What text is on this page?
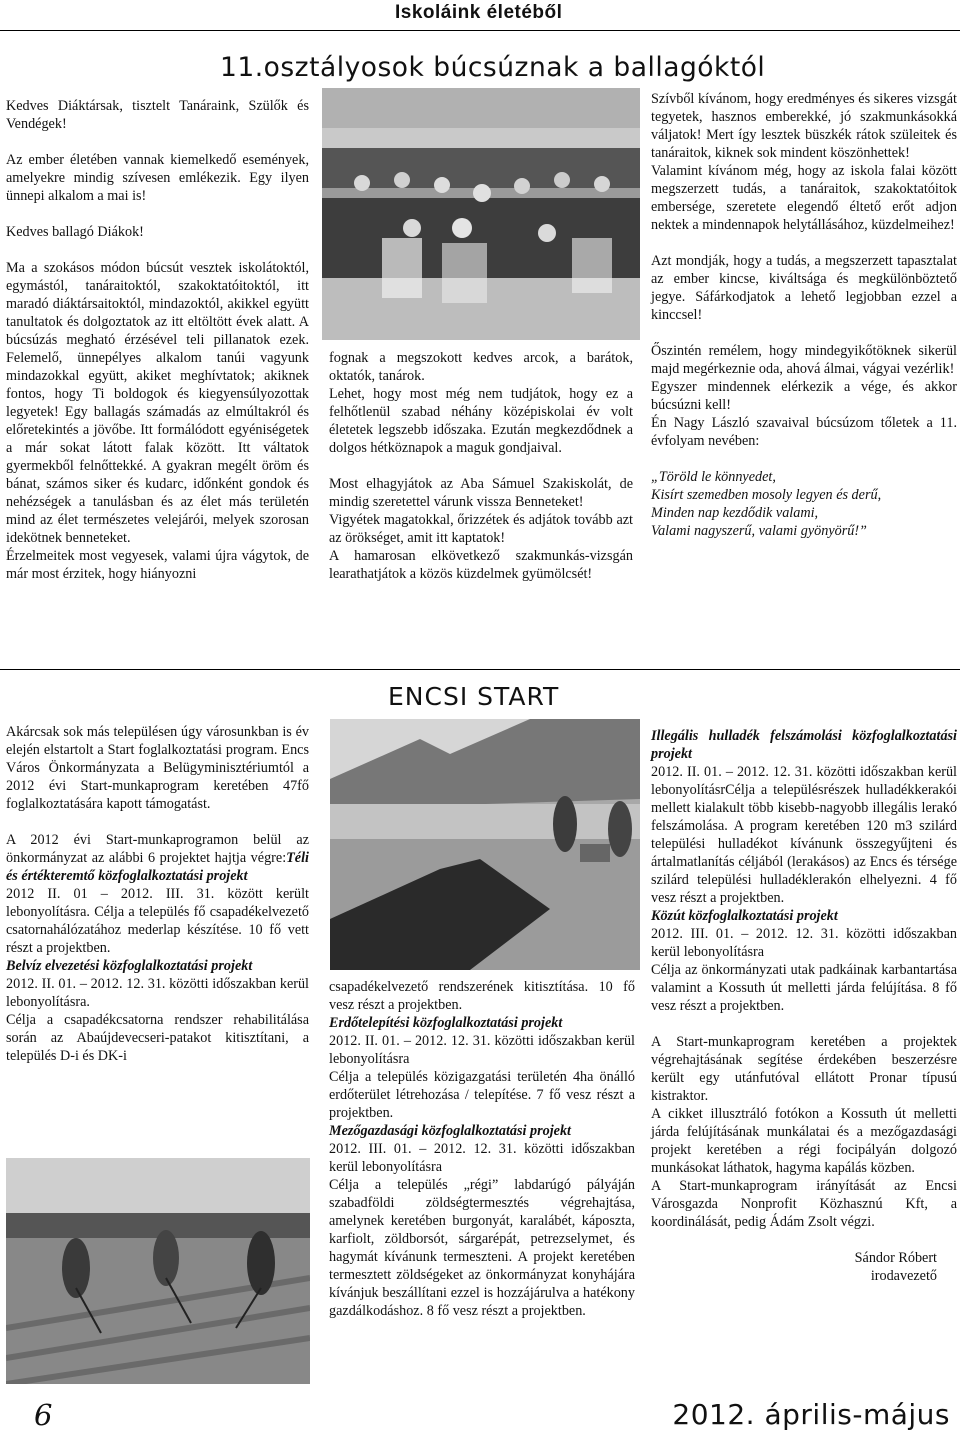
Iskoláink életéből
11.osztályosok búcsúznak a ballagóktól

Kedves Diáktársak, tisztelt Tanáraink, Szülők és Vendégek!

Az ember életében vannak kiemelkedő események, amelyekre mindig szívesen emlékezik. Egy ilyen ünnepi alkalom a mai is!

Kedves ballagó Diákok!

Ma a szokásos módon búcsút vesztek iskolátoktól, egymástól, tanáraitoktól, szakoktatóitoktól, itt maradó diáktársaitoktól, mindazoktól, akikkel együtt tanultatok és dolgoztatok az itt eltöltött évek alatt. A búcsúzás megható érzésével teli pillanatok ezek. Felemelő, ünnepélyes alkalom tanúi vagyunk mindazokkal együtt, akiket meghívtatok; akiknek fontos, hogy Ti boldogok és kiegyensúlyozottak legyetek! Egy ballagás számadás az elmúltakról és előretekintés a jövőbe. Itt formálódott egyéniségetek a már sokat látott falak között. Itt váltatok gyermekből felnőttekké. A gyakran megélt öröm és bánat, számos siker és kudarc, időnként gondok és nehézségek a tanulásban és az élet más területén mind az élet természetes velejárói, melyek szorosan idekötnek benneteket.

Érzelmeitek most vegyesek, valami újra vágytok, de már most érzitek, hogy hiányozni

fognak a megszokott kedves arcok, a barátok, oktatók, tanárok.

Lehet, hogy most még nem tudjátok, hogy ez a felhőtlenül szabad néhány középiskolai év volt életetek legszebb időszaka. Ezután megkezdődnek a dolgos hétköznapok a maguk gondjaival.

Most elhagyjátok az Aba Sámuel Szakiskolát, de mindig szeretettel várunk vissza Benneteket!

Vigyétek magatokkal, őrizzétek és adjátok tovább azt az örökséget, amit itt kaptatok!

A hamarosan elkövetkező szakmunkás-vizsgán learathatjátok a közös küzdelmek gyümölcsét!

Szívből kívánom, hogy eredményes és sikeres vizsgát tegyetek, hasznos emberekké, jó szakmunkásokká váljatok! Mert így lesztek büszkék rátok szüleitek és tanáraitok, kiknek sok mindent köszönhettek!

Valamint kívánom még, hogy az iskola falai között megszerzett tudás, a tanáraitok, szakoktatóitok embersége, szeretete elegendő éltető erőt adjon nektek a mindennapok helytállásához, küzdelmeihez!

Azt mondják, hogy a tudás, a megszerzett tapasztalat az ember kincse, kiváltsága és megkülönböztető jegye. Sáfárkodjatok a lehető legjobban ezzel a kinccsel!

Őszintén remélem, hogy mindegyikőtöknek sikerül majd megérkeznie oda, ahová álmai, vágyai vezérlik!

Egyszer mindennek elérkezik a vége, és akkor búcsúzni kell!

Én Nagy László szavaival búcsúzom tőletek a 11. évfolyam nevében:

„Töröld le könnyedet,

Kisírt szemedben mosoly legyen és derű,

Minden nap kezdődik valami,

Valami nagyszerű, valami gyönyörű!”

ENCSI START

Akárcsak sok más településen úgy városunkban is év elején elstartolt a Start foglalkoztatási program. Encs Város Önkormányzata a Belügyminisztériumtól a 2012 évi Start-munkaprogram keretében 47fő foglalkoztatására kapott támogatást.

A 2012 évi Start-munkaprogramon belül az önkormányzat az alábbi 6 projektet hajtja végre:Téli és értékteremtő közfoglalkoztatási projekt

2012 II. 01 – 2012. III. 31. között került lebonyolításra. Célja a település fő csapadékelvezető csatornahálózatához mederlap készítése. 10 fő vett részt a projektben.

Belvíz elvezetési közfoglalkoztatási projekt

2012. II. 01. – 2012. 12. 31. közötti időszakban kerül lebonyolításra.

Célja a csapadékcsatorna rendszer rehabilitálása során az Abaújdevecseri-patakot kitisztítani, a település D-i és DK-i

csapadékelvezető rendszerének kitisztítása. 10 fő vesz részt a projektben.

Erdőtelepítési közfoglalkoztatási projekt

2012. II. 01. – 2012. 12. 31. közötti időszakban kerül lebonyolításra

Célja a település közigazgatási területén 4ha önálló erdőterület létrehozása / telepítése. 7 fő vesz részt a projektben.

Mezőgazdasági közfoglalkoztatási projekt

2012. III. 01. – 2012. 12. 31. közötti időszakban kerül lebonyolításra

Célja a település „régi” labdarúgó pályáján szabadföldi zöldségtermesztés végrehajtása, amelynek keretében burgonyát, karalábét, káposzta, karfiolt, zöldborsót, sárgarépát, petrezselymet, és hagymát kívánunk termeszteni. A projekt keretében termesztett zöldségeket az önkormányzat konyhájára kívánjuk beszállítani ezzel is hozzájárulva a hatékony gazdálkodáshoz. 8 fő vesz részt a projektben.

Illegális hulladék felszámolási közfoglalkoztatási projekt

2012. II. 01. – 2012. 12. 31. közötti időszakban kerül lebonyolításrCélja a településrészek hulladékkerakói mellett kialakult több kisebb-nagyobb illegális lerakó felszámolása. A program keretében 120 m3 szilárd települési hulladékot kívánunk összegyűjteni és ártalmatlanítás céljából (lerakásos) az Encs és térsége szilárd települési hulladéklerakón elhelyezni. 4 fő vesz részt a projektben.

Közút közfoglalkoztatási projekt

2012. III. 01. – 2012. 12. 31. közötti időszakban kerül lebonyolításra

Célja az önkormányzati utak padkáinak karbantartása valamint a Kossuth út melletti járda felújítása. 8 fő vesz részt a projektben.

A Start-munkaprogram keretében a projektek végrehajtásának segítése érdekében beszerzésre került egy utánfutóval ellátott Pronar típusú kistraktor.

A cikket illusztráló fotókon a Kossuth út melletti járda felújításának munkálatai és a mezőgazdasági projekt keretében a régi focipályán dolgozó munkásokat láthatok, hagyma kapálás közben.

A Start-munkaprogram irányítását az Encsi Városgazda Nonprofit Közhasznú Kft, a koordinálását, pedig Ádám Zsolt végzi.

Sándor Róbert

irodavezető

6	2012. április-május
